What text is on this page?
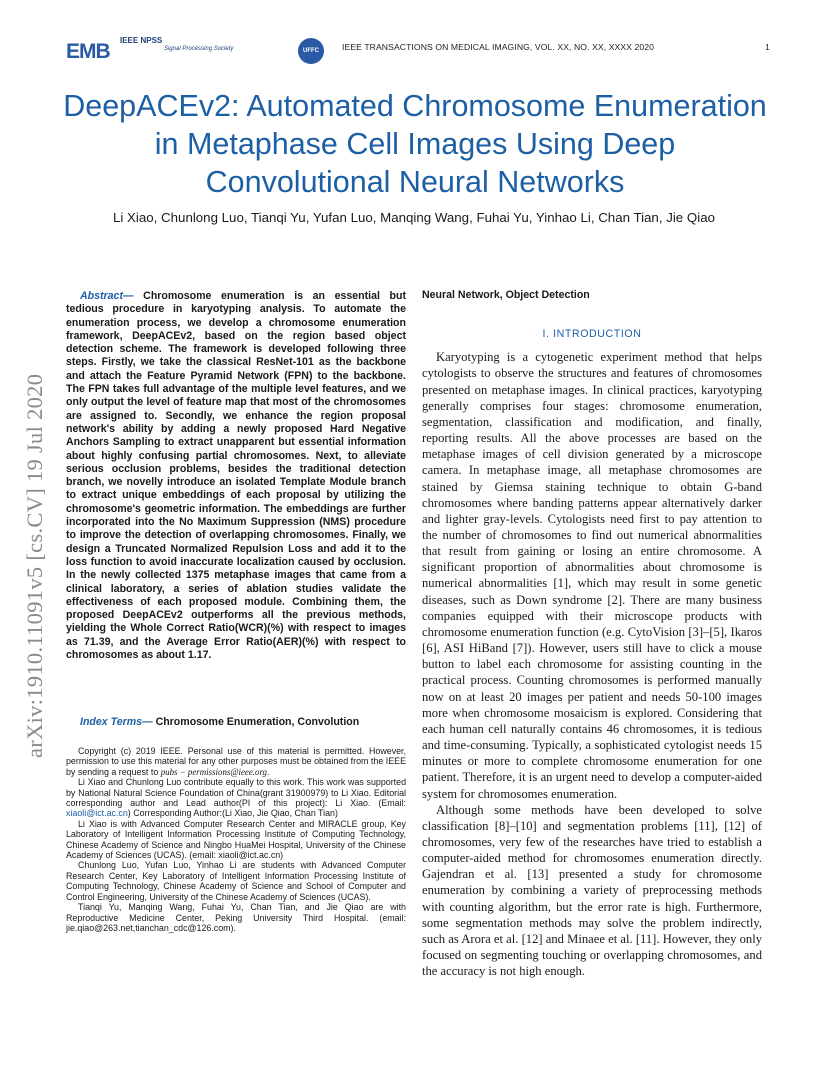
EMB IEEE NPSS
Signal Processing Society	UFFC	IEEE TRANSACTIONS ON MEDICAL IMAGING, VOL. XX, NO. XX, XXXX 2020	1
DeepACEv2: Automated Chromosome Enumeration in Metaphase Cell Images Using Deep Convolutional Neural Networks
Li Xiao, Chunlong Luo, Tianqi Yu, Yufan Luo, Manqing Wang, Fuhai Yu, Yinhao Li, Chan Tian, Jie Qiao
arXiv:1910.11091v5 [cs.CV] 19 Jul 2020

Abstract— Chromosome enumeration is an essential but tedious procedure in karyotyping analysis. To automate the enumeration process, we develop a chromosome enumeration framework, DeepACEv2, based on the region based object detection scheme. The framework is developed following three steps. Firstly, we take the classical ResNet-101 as the backbone and attach the Feature Pyramid Network (FPN) to the backbone. The FPN takes full advantage of the multiple level features, and we only output the level of feature map that most of the chromosomes are assigned to. Secondly, we enhance the region proposal network's ability by adding a newly proposed Hard Negative Anchors Sampling to extract unapparent but essential information about highly confusing partial chromosomes. Next, to alleviate serious occlusion problems, besides the traditional detection branch, we novelly introduce an isolated Template Module branch to extract unique embeddings of each proposal by utilizing the chromosome's geometric information. The embeddings are further incorporated into the No Maximum Suppression (NMS) procedure to improve the detection of overlapping chromosomes. Finally, we design a Truncated Normalized Repulsion Loss and add it to the loss function to avoid inaccurate localization caused by occlusion. In the newly collected 1375 metaphase images that came from a clinical laboratory, a series of ablation studies validate the effectiveness of each proposed module. Combining them, the proposed DeepACEv2 outperforms all the previous methods, yielding the Whole Correct Ratio(WCR)(%) with respect to images as 71.39, and the Average Error Ratio(AER)(%) with respect to chromosomes as about 1.17.

Index Terms— Chromosome Enumeration, Convolution

Copyright (c) 2019 IEEE. Personal use of this material is permitted. However, permission to use this material for any other purposes must be obtained from the IEEE by sending a request to pubs − permissions@ieee.org.

Li Xiao and Chunlong Luo contribute equally to this work. This work was supported by National Natural Science Foundation of China(grant 31900979) to Li Xiao. Editorial corresponding author and Lead author(PI of this project): Li Xiao. (Email: xiaoli@ict.ac.cn) Corresponding Author:(Li Xiao, Jie Qiao, Chan Tian)

Li Xiao is with Advanced Computer Research Center and MIRACLE group, Key Laboratory of Intelligent Information Processing Institute of Computing Technology, Chinese Academy of Science and Ningbo HuaMei Hospital, University of the Chinese Academy of Sciences (UCAS). (email: xiaoli@ict.ac.cn)

Chunlong Luo, Yufan Luo, Yinhao Li are students with Advanced Computer Research Center, Key Laboratory of Intelligent Information Processing Institute of Computing Technology, Chinese Academy of Science and School of Computer and Control Engineering, University of the Chinese Academy of Sciences (UCAS).

Tianqi Yu, Manqing Wang, Fuhai Yu, Chan Tian, and Jie Qiao are with Reproductive Medicine Center, Peking University Third Hospital. (email: jie.qiao@263.net,tianchan_cdc@126.com).

Neural Network, Object Detection

I. INTRODUCTION

Karyotyping is a cytogenetic experiment method that helps cytologists to observe the structures and features of chromosomes presented on metaphase images. In clinical practices, karyotyping generally comprises four stages: chromosome enumeration, segmentation, classification and modification, and finally, reporting results. All the above processes are based on the metaphase images of cell division generated by a microscope camera. In metaphase image, all metaphase chromosomes are stained by Giemsa staining technique to obtain G-band chromosomes where banding patterns appear alternatively darker and lighter gray-levels. Cytologists need first to pay attention to the number of chromosomes to find out numerical abnormalities that result from gaining or losing an entire chromosome. A significant proportion of abnormalities about chromosome is numerical abnormalities [1], which may result in some genetic diseases, such as Down syndrome [2]. There are many business companies equipped with their microscope products with chromosome enumeration function (e.g. CytoVision [3]–[5], Ikaros [6], ASI HiBand [7]). However, users still have to click a mouse button to label each chromosome for assisting counting in the practical process. Counting chromosomes is performed manually now on at least 20 images per patient and needs 50-100 images more when chromosome mosaicism is explored. Considering that each human cell naturally contains 46 chromosomes, it is tedious and time-consuming. Typically, a sophisticated cytologist needs 15 minutes or more to complete chromosome enumeration for one patient. Therefore, it is an urgent need to develop a computer-aided system for chromosomes enumeration.

Although some methods have been developed to solve classification [8]–[10] and segmentation problems [11], [12] of chromosomes, very few of the researches have tried to establish a computer-aided method for chromosomes enumeration directly. Gajendran et al. [13] presented a study for chromosome enumeration by combining a variety of preprocessing methods with counting algorithm, but the error rate is high. Furthermore, some segmentation methods may solve the problem indirectly, such as Arora et al. [12] and Minaee et al. [11]. However, they only focused on segmenting touching or overlapping chromosomes, and the accuracy is not high enough.
